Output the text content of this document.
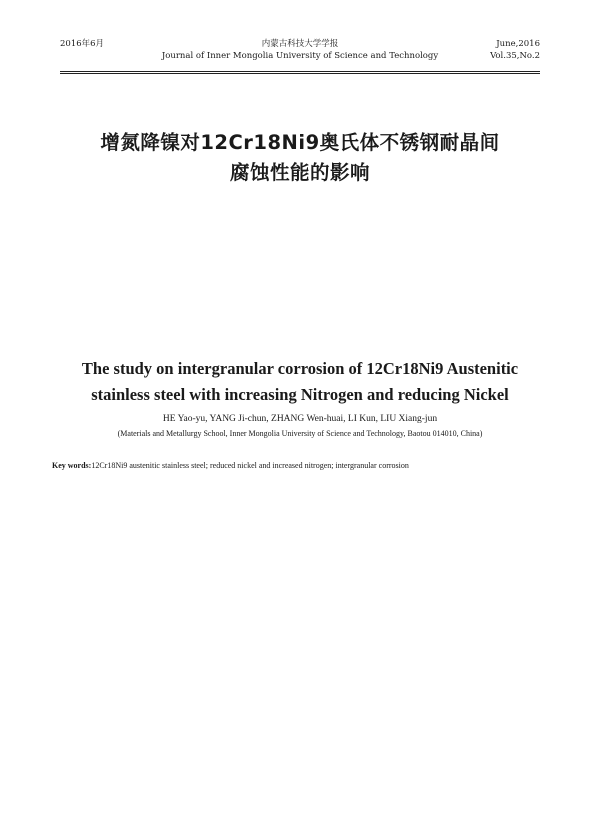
2016年6月	内蒙古科技大学学报
Journal of Inner Mongolia University of Science and Technology
June,2016
Vol.35,No.2
增氮降镍对12Cr18Ni9奥氏体不锈钢耐晶间
腐蚀性能的影响
The study on intergranular corrosion of 12Cr18Ni9 Austenitic
stainless steel with increasing Nitrogen and reducing Nickel
HE Yao-yu, YANG Ji-chun, ZHANG Wen-huai, LI Kun, LIU Xiang-jun
(Materials and Metallurgy School, Inner Mongolia University of Science and Technology, Baotou 014010, China)
Key words:12Cr18Ni9 austenitic stainless steel; reduced nickel and increased nitrogen; intergranular corrosion
